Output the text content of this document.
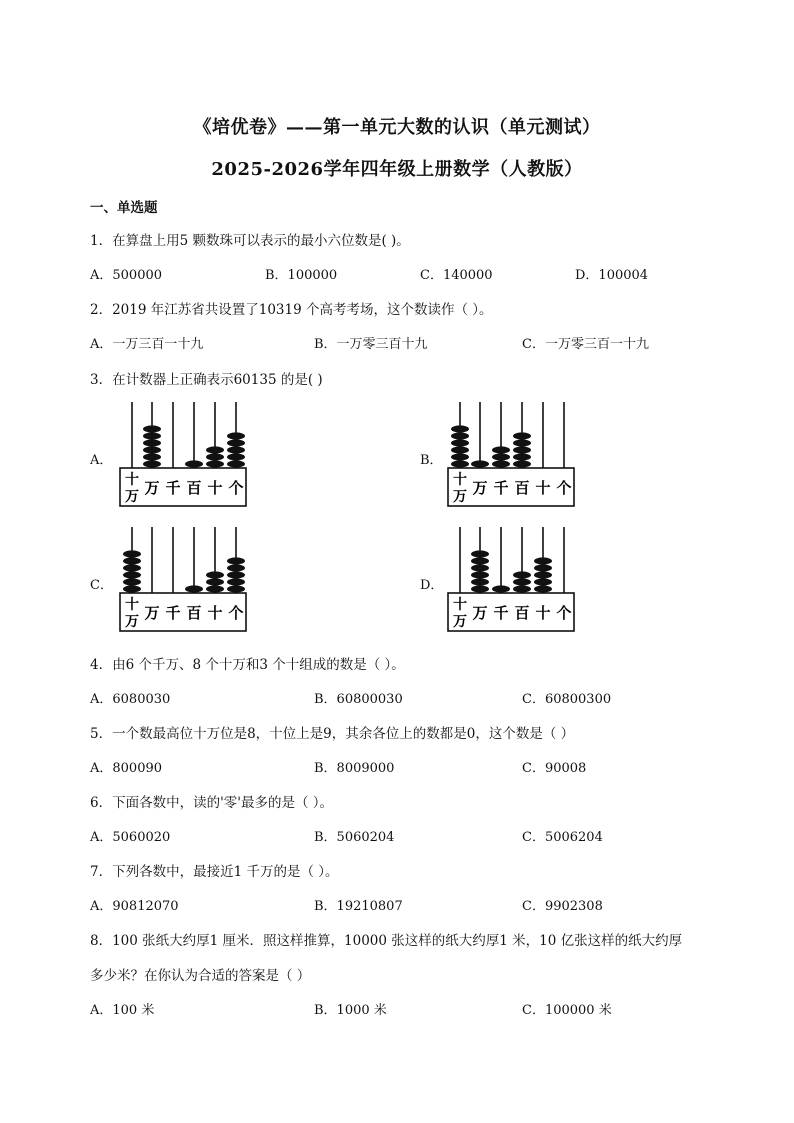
《培优卷》——第一单元大数的认识（单元测试）
2025-2026学年四年级上册数学（人教版）
一、单选题
1．在算盘上用5 颗数珠可以表示的最小六位数是( )。
A．500000	B．100000	C．140000	D．100004
2．2019 年江苏省共设置了10319 个高考考场，这个数读作（ ）。
A．一万三百一十九	B．一万零三百十九	C．一万零三百一十九
3．在计数器上正确表示60135 的是( )
A．
十
万 万 千 百 十 个
B．
十
万 万 千 百 十 个
C．
十
万 万 千 百 十 个
D．
十
万 万 千 百 十 个
4．由6 个千万、8 个十万和3 个十组成的数是（ ）。
A．6080030	B．60800030	C．60800300
5．一个数最高位十万位是8，十位上是9，其余各位上的数都是0，这个数是（ ）
A．800090	B．8009000	C．90008
6．下面各数中，读的'零'最多的是（ ）。
A．5060020	B．5060204	C．5006204
7．下列各数中，最接近1 千万的是（ ）。
A．90812070	B．19210807	C．9902308
8．100 张纸大约厚1 厘米．照这样推算，10000 张这样的纸大约厚1 米，10 亿张这样的纸大约厚
多少米？在你认为合适的答案是（ ）
A．100 米	B．1000 米	C．100000 米
